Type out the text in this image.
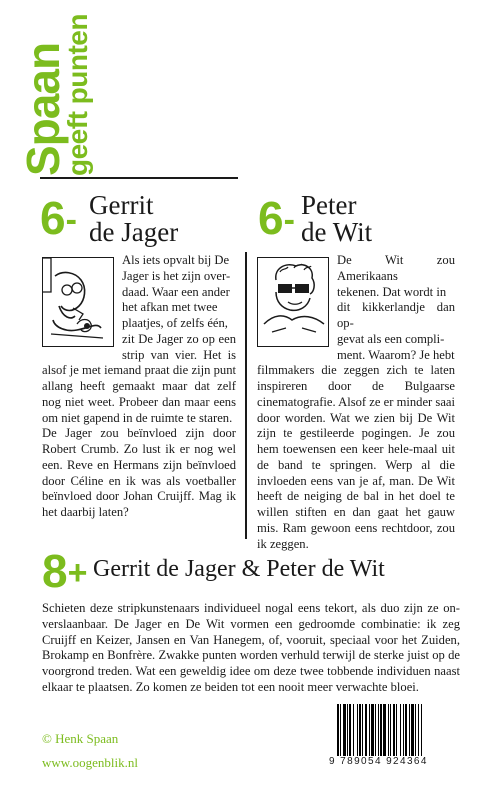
Spaan
geeft punten
6- Gerrit
de Jager

Als iets opvalt bij De
Jager is het zijn over-
daad. Waar een ander
het afkan met twee
plaatjes, of zelfs één,
zit De Jager zo op een strip van vier. Het is alsof je met iemand praat die zijn punt allang heeft gemaakt maar dat zelf nog niet weet. Probeer dan maar eens om niet gapend in de ruimte te staren.

De Jager zou beïnvloed zijn door Robert Crumb. Zo lust ik er nog wel een. Reve en Hermans zijn beïnvloed door Céline en ik was als voetballer beïnvloed door Johan Cruijff. Mag ik het daarbij laten?

6- Peter
de Wit

De Wit zou Amerikaans
tekenen. Dat wordt in
dit kikkerlandje dan op-
gevat als een compli-
ment. Waarom? Je hebt
filmmakers die zeggen zich te laten inspireren door de Bulgaarse cinematografie. Alsof ze er minder saai door worden. Wat we zien bij De Wit zijn te gestileerde pogingen. Je zou hem toewensen een keer hele-maal uit de band te springen. Werp al die invloeden eens van je af, man. De Wit heeft de neiging de bal in het doel te willen stiften en dan gaat het gauw mis. Ram gewoon eens rechtdoor, zou ik zeggen.

8+ Gerrit de Jager & Peter de Wit
Schieten deze stripkunstenaars individueel nogal eens tekort, als duo zijn ze on-verslaanbaar. De Jager en De Wit vormen een gedroomde combinatie: ik zeg Cruijff en Keizer, Jansen en Van Hanegem, of, vooruit, speciaal voor het Zuiden, Brokamp en Bonfrère. Zwakke punten worden verhuld terwijl de sterke juist op de voorgrond treden. Wat een geweldig idee om deze twee tobbende individuen naast elkaar te plaatsen. Zo komen ze beiden tot een nooit meer verwachte bloei.
© Henk Spaan
www.oogenblik.nl	9 789054 924364
